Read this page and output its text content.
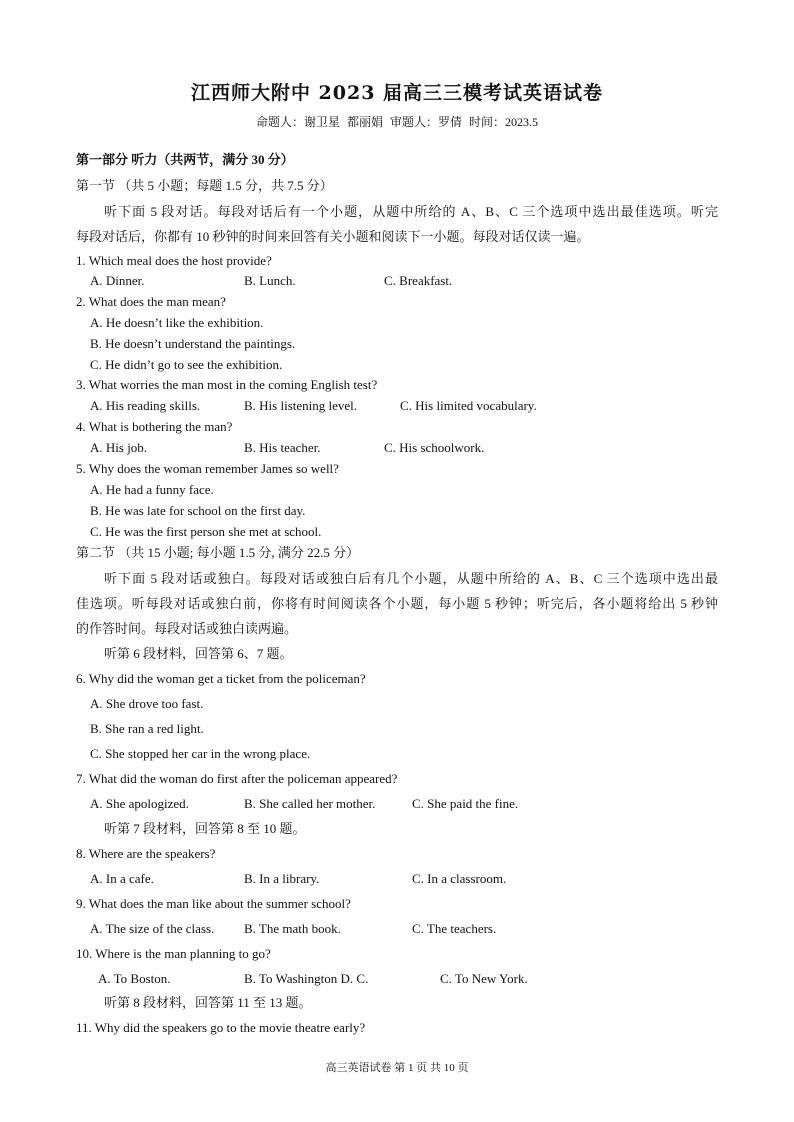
江西师大附中 2023 届高三三模考试英语试卷
命题人：谢卫星 都丽娟 审题人：罗倩 时间：2023.5
第一部分 听力（共两节，满分 30 分）
第一节 （共 5 小题；每题 1.5 分，共 7.5 分）
听下面 5 段对话。每段对话后有一个小题，从题中所给的 A、B、C 三个选项中选出最佳选项。听完
每段对话后，你都有 10 秒钟的时间来回答有关小题和阅读下一小题。每段对话仅读一遍。
1. Which meal does the host provide?
A. Dinner.	B. Lunch.	C. Breakfast.
2. What does the man mean?
A. He doesn’t like the exhibition.
B. He doesn’t understand the paintings.
C. He didn’t go to see the exhibition.
3. What worries the man most in the coming English test?
A. His reading skills.	B. His listening level.	C. His limited vocabulary.
4. What is bothering the man?
A. His job.	B. His teacher.	C. His schoolwork.
5. Why does the woman remember James so well?
A. He had a funny face.
B. He was late for school on the first day.
C. He was the first person she met at school.
第二节 （共 15 小题; 每小题 1.5 分, 满分 22.5 分）
听下面 5 段对话或独白。每段对话或独白后有几个小题，从题中所给的 A、B、C 三个选项中选出最
佳选项。听每段对话或独白前，你将有时间阅读各个小题，每小题 5 秒钟；听完后，各小题将给出 5 秒钟
的作答时间。每段对话或独白读两遍。
听第 6 段材料，回答第 6、7 题。
6. Why did the woman get a ticket from the policeman?
A. She drove too fast.
B. She ran a red light.
C. She stopped her car in the wrong place.
7. What did the woman do first after the policeman appeared?
A. She apologized.	B. She called her mother.	C. She paid the fine.
听第 7 段材料，回答第 8 至 10 题。
8. Where are the speakers?
A. In a cafe.	B. In a library.	C. In a classroom.
9. What does the man like about the summer school?
A. The size of the class. B. The math book.	C. The teachers.
10. Where is the man planning to go?
A. To Boston.	B. To Washington D. C.	C. To New York.
听第 8 段材料，回答第 11 至 13 题。
11. Why did the speakers go to the movie theatre early?
高三英语试卷 第 1 页 共 10 页
